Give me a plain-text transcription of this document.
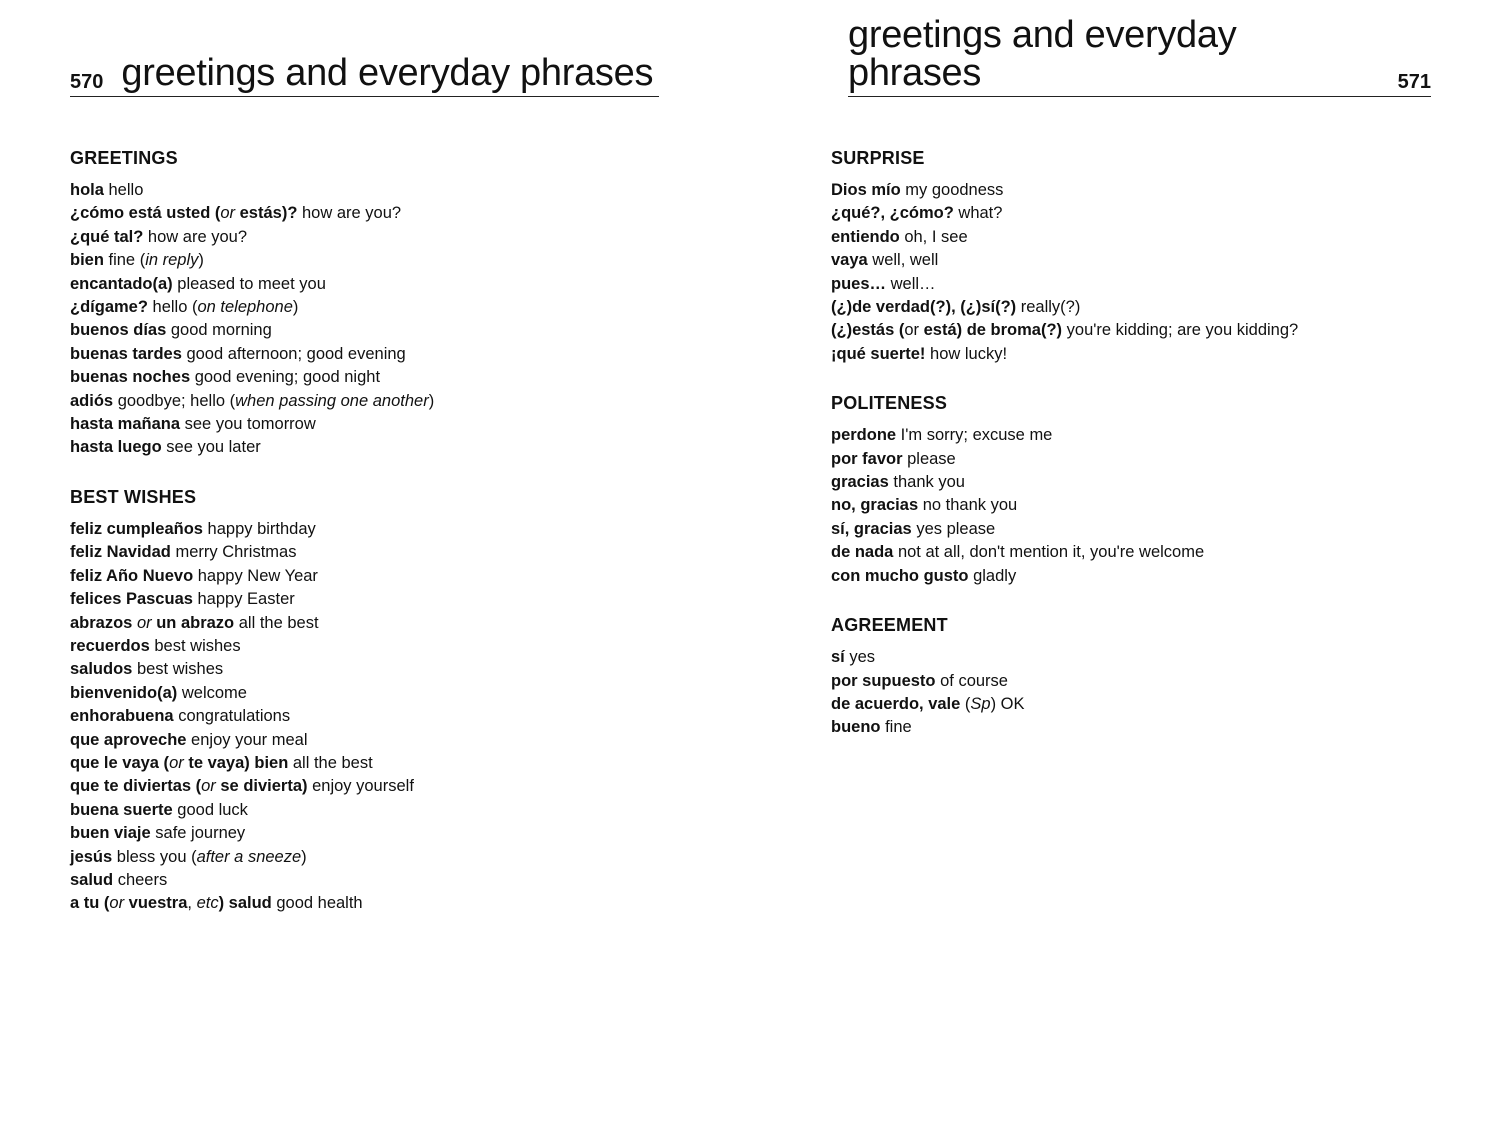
570 greetings and everyday phrases
GREETINGS
hola hello
¿cómo está usted (or estás)? how are you?
¿qué tal? how are you?
bien fine (in reply)
encantado(a) pleased to meet you
¿dígame? hello (on telephone)
buenos días good morning
buenas tardes good afternoon; good evening
buenas noches good evening; good night
adiós goodbye; hello (when passing one another)
hasta mañana see you tomorrow
hasta luego see you later
BEST WISHES
feliz cumpleaños happy birthday
feliz Navidad merry Christmas
feliz Año Nuevo happy New Year
felices Pascuas happy Easter
abrazos or un abrazo all the best
recuerdos best wishes
saludos best wishes
bienvenido(a) welcome
enhorabuena congratulations
que aproveche enjoy your meal
que le vaya (or te vaya) bien all the best
que te diviertas (or se divierta) enjoy yourself
buena suerte good luck
buen viaje safe journey
jesús bless you (after a sneeze)
salud cheers
a tu (or vuestra, etc) salud good health
greetings and everyday phrases	571
SURPRISE
Dios mío my goodness
¿qué?, ¿cómo? what?
entiendo oh, I see
vaya well, well
pues… well…
(¿)de verdad(?), (¿)sí(?) really(?)
(¿)estás (or está) de broma(?) you're kidding; are you kidding?
¡qué suerte! how lucky!
POLITENESS
perdone I'm sorry; excuse me
por favor please
gracias thank you
no, gracias no thank you
sí, gracias yes please
de nada not at all, don't mention it, you're welcome
con mucho gusto gladly
AGREEMENT
sí yes
por supuesto of course
de acuerdo, vale (Sp) OK
bueno fine
